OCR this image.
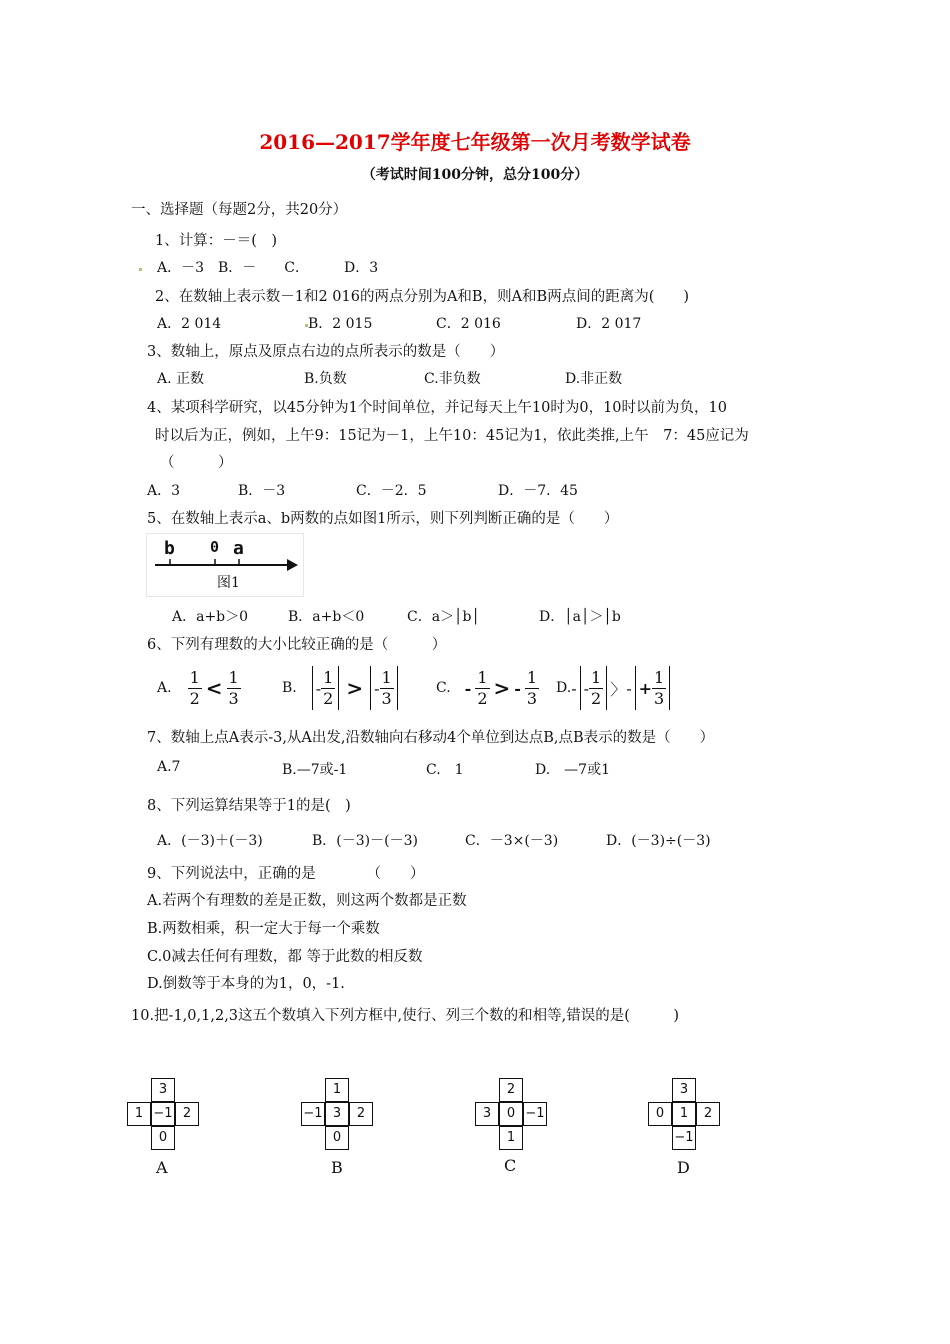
2016—2017学年度七年级第一次月考数学试卷
（考试时间100分钟，总分100分）
一、选择题（每题2分，共20分）
1、计算：－＝(　)
A．－3　B．－　　C．　　　D．3
2、在数轴上表示数－1和2 016的两点分别为A和B，则A和B两点间的距离为(　　)
A．2 014	B．2 015	C．2 016	D．2 017
3、数轴上，原点及原点右边的点所表示的数是（　　）
A. 正数	B.负数	C.非负数	D.非正数
4、某项科学研究，以45分钟为1个时间单位，并记每天上午10时为0，10时以前为负，10
时以后为正，例如，上午9：15记为－1，上午10：45记为1，依此类推,上午　7：45应记为
（　　　）
A．3	B．－3	C．－2．5	D．－7．45
5、在数轴上表示a、b两数的点如图1所示，则下列判断正确的是（　　）
b 0 a
图1
A．a+b＞0	B．a+b＜0	C．a＞│b│	D．│a│＞│b
6、下列有理数的大小比较正确的是（　　　）
A. $\frac{1}{2} < \frac{1}{3}$	B. - $\frac{1}{2}$ > - $\frac{1}{3}$	C. - $\frac{1}{2}$ > - $\frac{1}{3} D$. - - $\frac{1}{2}$ 〉 - + $\frac{1}{3}$
7、数轴上点A表示-3,从A出发,沿数轴向右移动4个单位到达点B,点B表示的数是（　　）
A.7	B.—7或-1	C.　1	D.　—7或1
8、下列运算结果等于1的是(　)
A．(－3)＋(－3)	B．(－3)－(－3)	C．－3×(－3)	D．(－3)÷(－3)
9、下列说法中，正确的是　　　　（　　）
A.若两个有理数的差是正数，则这两个数都是正数
B.两数相乘，积一定大于每一个乘数
C.0减去任何有理数，都 等于此数的相反数
D.倒数等于本身的为1，0，-1.
10.把-1,0,1,2,3这五个数填入下列方框中,使行、列三个数的和相等,错误的是(　　　)
3
1 −1 2
0
A
1
−1 3	2
0
B
2
3	0 −1
1
C
3
0	1	2
−1
D
